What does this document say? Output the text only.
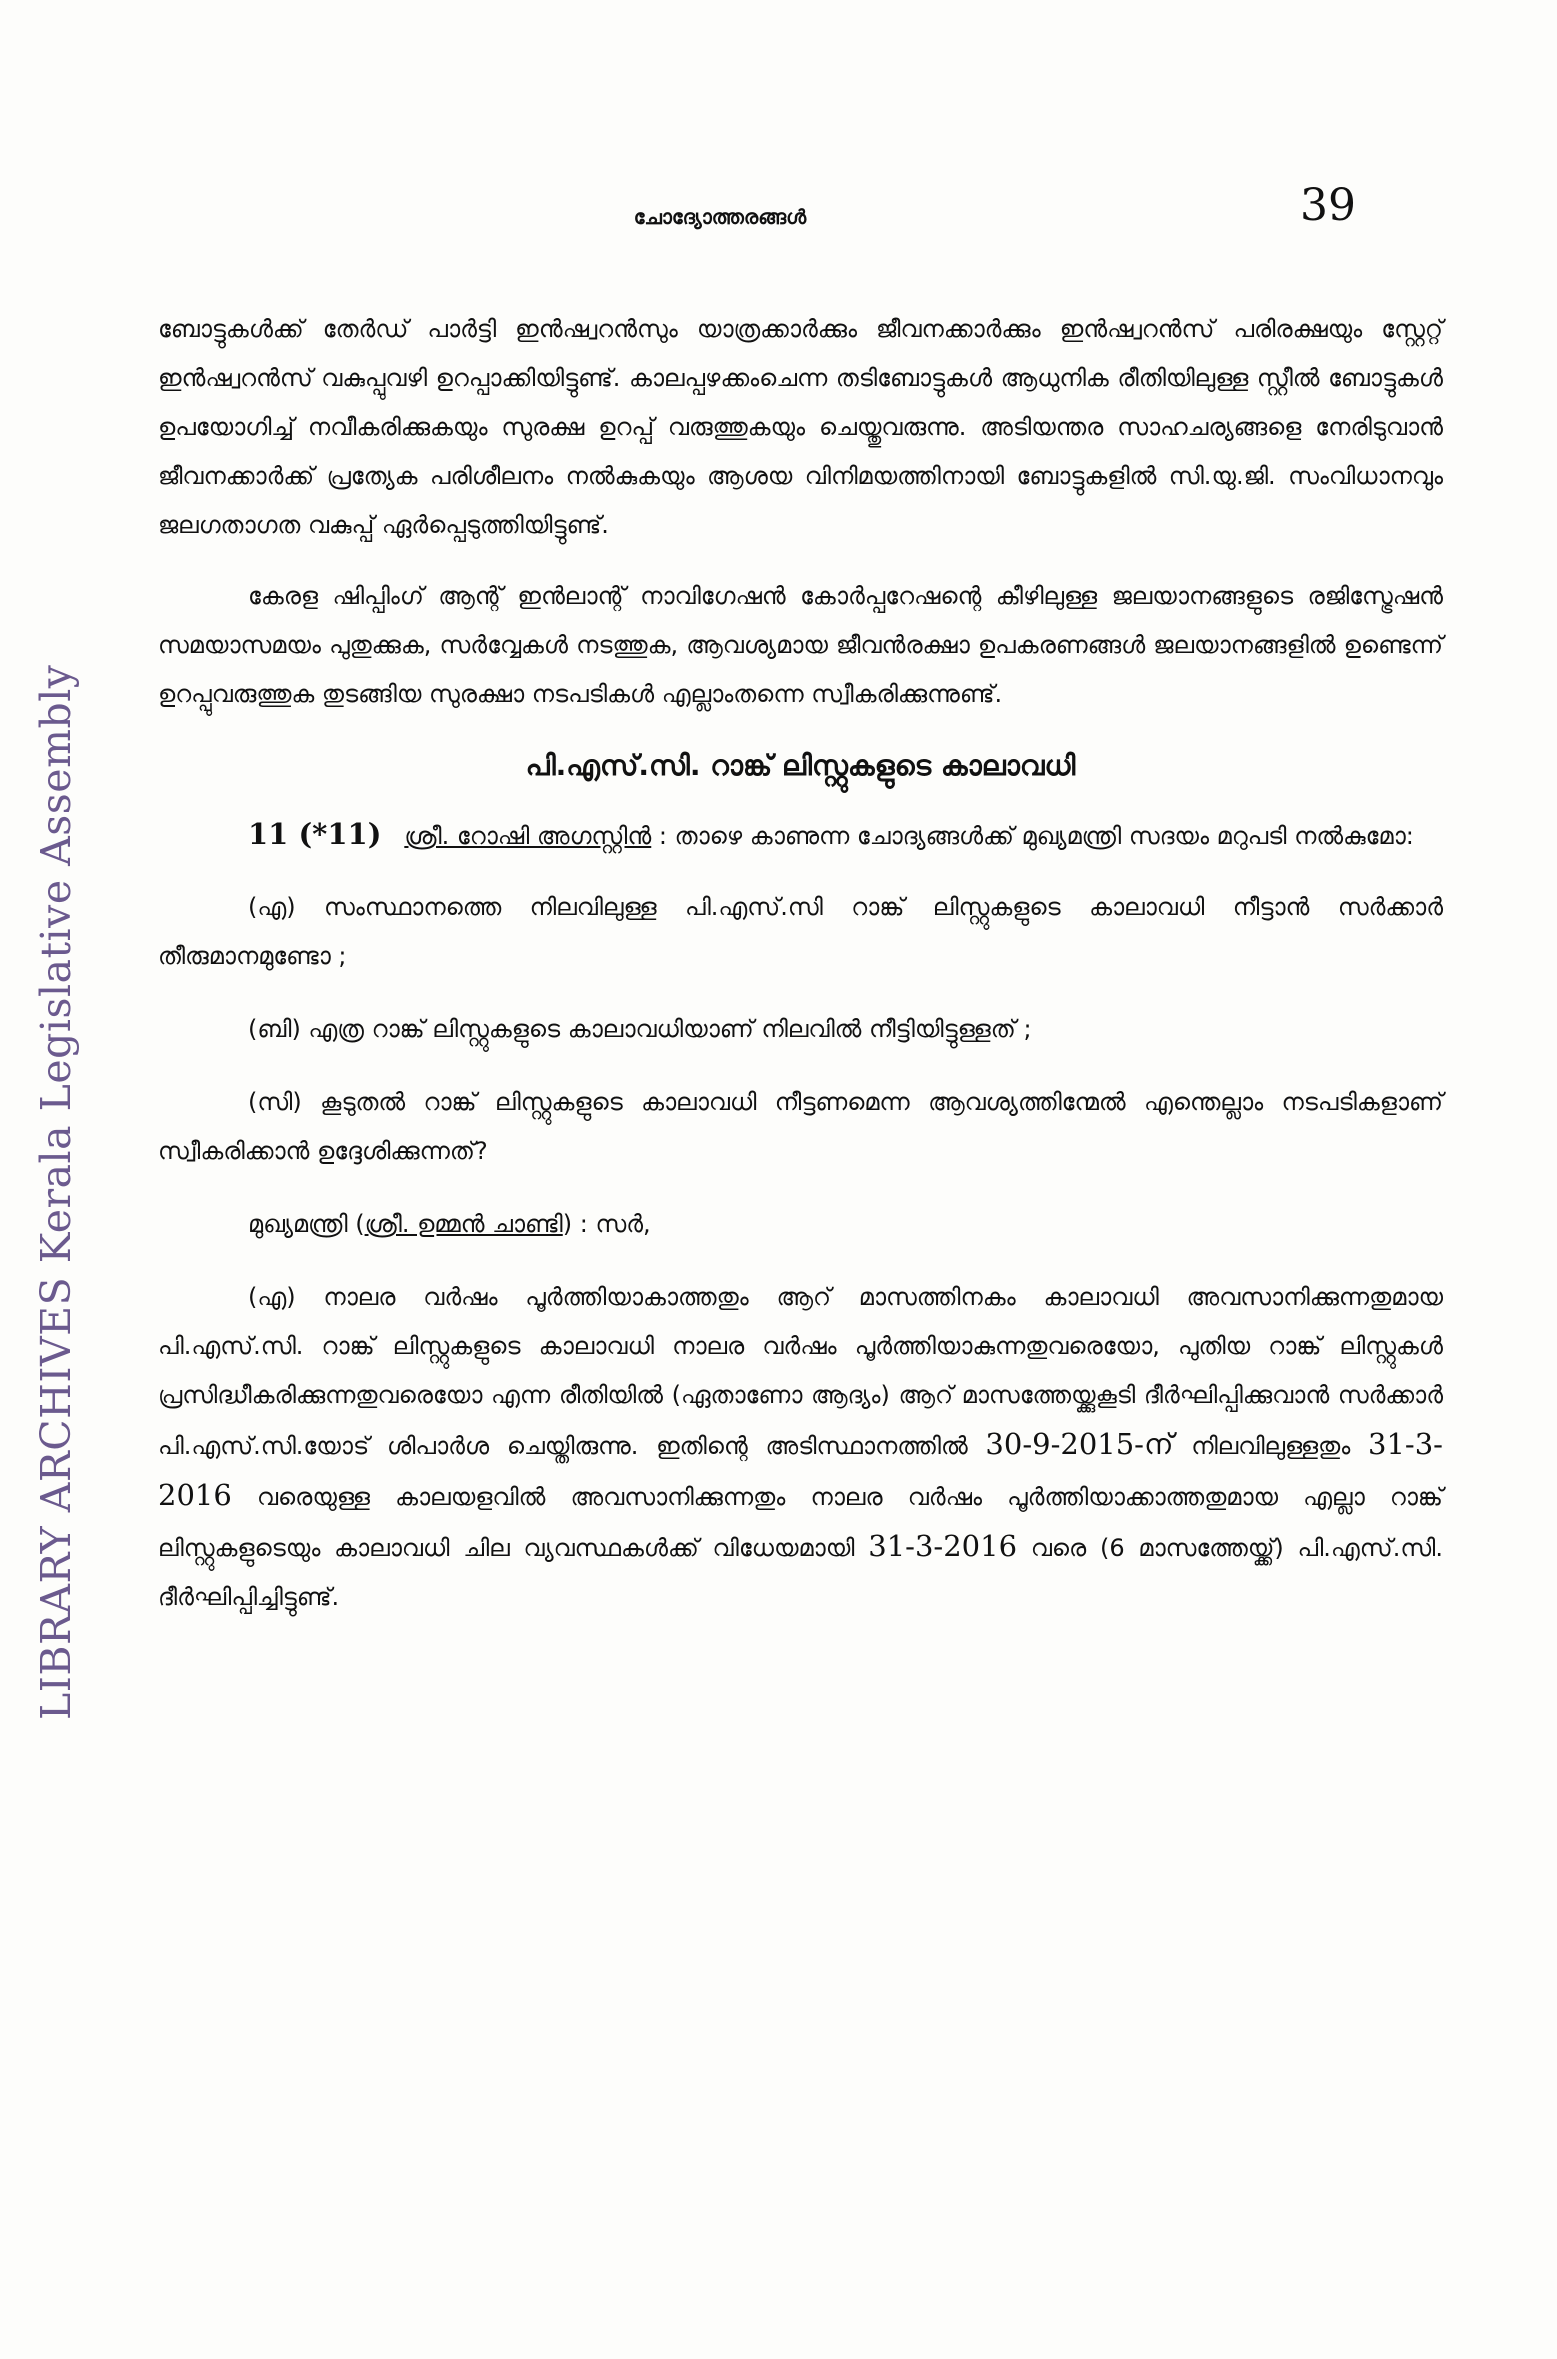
LIBRARY ARCHIVES Kerala Legislative Assembly
ചോദ്യോത്തരങ്ങൾ	39

ബോട്ടുകൾക്ക് തേർഡ് പാർട്ടി ഇൻഷ്വറൻസും യാത്രക്കാർക്കും ജീവനക്കാർക്കും ഇൻഷ്വറൻസ് പരിരക്ഷയും സ്റ്റേറ്റ് ഇൻഷ്വറൻസ് വകുപ്പുവഴി ഉറപ്പാക്കിയിട്ടുണ്ട്. കാലപ്പഴക്കംചെന്ന തടിബോട്ടുകൾ ആധുനിക രീതിയിലുള്ള സ്റ്റീൽ ബോട്ടുകൾ ഉപയോഗിച്ച് നവീകരിക്കുകയും സുരക്ഷ ഉറപ്പ് വരുത്തുകയും ചെയ്തുവരുന്നു. അടിയന്തര സാഹചര്യങ്ങളെ നേരിടുവാൻ ജീവനക്കാർക്ക് പ്രത്യേക പരിശീലനം നൽകുകയും ആശയ വിനിമയത്തിനായി ബോട്ടുകളിൽ സി.യു.ജി. സംവിധാനവും ജലഗതാഗത വകുപ്പ് ഏർപ്പെടുത്തിയിട്ടുണ്ട്.

കേരള ഷിപ്പിംഗ് ആന്റ് ഇൻലാന്റ് നാവിഗേഷൻ കോർപ്പറേഷന്റെ കീഴിലുള്ള ജലയാനങ്ങളുടെ രജിസ്ട്രേഷൻ സമയാസമയം പുതുക്കുക, സർവ്വേകൾ നടത്തുക, ആവശ്യമായ ജീവൻരക്ഷാ ഉപകരണങ്ങൾ ജലയാനങ്ങളിൽ ഉണ്ടെന്ന് ഉറപ്പുവരുത്തുക തുടങ്ങിയ സുരക്ഷാ നടപടികൾ എല്ലാംതന്നെ സ്വീകരിക്കുന്നുണ്ട്.

പി.എസ്.സി. റാങ്ക് ലിസ്റ്റുകളുടെ കാലാവധി

11 (*11) ശ്രീ. റോഷി അഗസ്റ്റിൻ : താഴെ കാണുന്ന ചോദ്യങ്ങൾക്ക് മുഖ്യമന്ത്രി സദയം മറുപടി നൽകുമോ:

(എ) സംസ്ഥാനത്തെ നിലവിലുള്ള പി.എസ്.സി റാങ്ക് ലിസ്റ്റുകളുടെ കാലാവധി നീട്ടാൻ സർക്കാർ തീരുമാനമുണ്ടോ ;

(ബി) എത്ര റാങ്ക് ലിസ്റ്റുകളുടെ കാലാവധിയാണ് നിലവിൽ നീട്ടിയിട്ടുള്ളത് ;

(സി) കൂടുതൽ റാങ്ക് ലിസ്റ്റുകളുടെ കാലാവധി നീട്ടണമെന്ന ആവശ്യത്തിന്മേൽ എന്തെല്ലാം നടപടികളാണ് സ്വീകരിക്കാൻ ഉദ്ദേശിക്കുന്നത്?

മുഖ്യമന്ത്രി (ശ്രീ. ഉമ്മൻ ചാണ്ടി) : സർ,

(എ) നാലര വർഷം പൂർത്തിയാകാത്തതും ആറ് മാസത്തിനകം കാലാവധി അവസാനിക്കുന്നതുമായ പി.എസ്.സി. റാങ്ക് ലിസ്റ്റുകളുടെ കാലാവധി നാലര വർഷം പൂർത്തിയാകുന്നതുവരെയോ, പുതിയ റാങ്ക് ലിസ്റ്റുകൾ പ്രസിദ്ധീകരിക്കുന്നതുവരെയോ എന്ന രീതിയിൽ (ഏതാണോ ആദ്യം) ആറ് മാസത്തേയ്ക്കുകൂടി ദീർഘിപ്പിക്കുവാൻ സർക്കാർ പി.എസ്.സി.യോട് ശിപാർശ ചെയ്തിരുന്നു. ഇതിന്റെ അടിസ്ഥാനത്തിൽ 30-9-2015-ന് നിലവിലുള്ളതും 31-3-2016 വരെയുള്ള കാലയളവിൽ അവസാനിക്കുന്നതും നാലര വർഷം പൂർത്തിയാക്കാത്തതുമായ എല്ലാ റാങ്ക് ലിസ്റ്റുകളുടെയും കാലാവധി ചില വ്യവസ്ഥകൾക്ക് വിധേയമായി 31-3-2016 വരെ (6 മാസത്തേയ്ക്ക്) പി.എസ്.സി. ദീർഘിപ്പിച്ചിട്ടുണ്ട്.
